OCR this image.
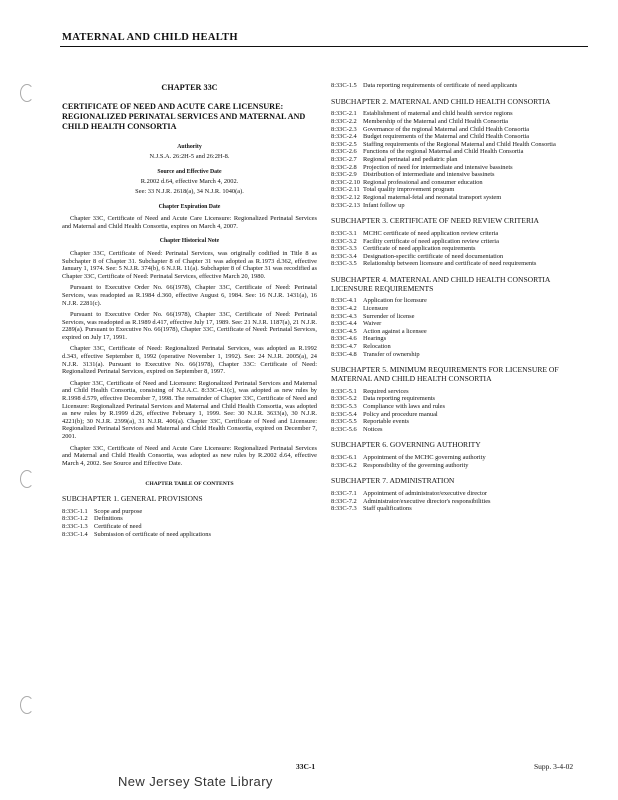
MATERNAL AND CHILD HEALTH
CHAPTER 33C
CERTIFICATE OF NEED AND ACUTE CARE LICENSURE: REGIONALIZED PERINATAL SERVICES AND MATERNAL AND CHILD HEALTH CONSORTIA
Authority
N.J.S.A. 26:2H-5 and 26:2H-8.
Source and Effective Date
R.2002 d.64, effective March 4, 2002.
See: 33 N.J.R. 2618(a), 34 N.J.R. 1040(a).
Chapter Expiration Date

Chapter 33C, Certificate of Need and Acute Care Licensure: Regionalized Perinatal Services and Maternal and Child Health Consortia, expires on March 4, 2007.

Chapter Historical Note

Chapter 33C, Certificate of Need: Perinatal Services, was originally codified in Title 8 as Subchapter 8 of Chapter 31. Subchapter 8 of Chapter 31 was adopted as R.1973 d.362, effective January 1, 1974. See: 5 N.J.R. 374(b), 6 N.J.R. 11(a). Subchapter 8 of Chapter 31 was recodified as Chapter 33C, Certificate of Need: Perinatal Services, effective March 20, 1980.

Pursuant to Executive Order No. 66(1978), Chapter 33C, Certificate of Need: Perinatal Services, was readopted as R.1984 d.360, effective August 6, 1984. See: 16 N.J.R. 1431(a), 16 N.J.R. 2281(c).

Pursuant to Executive Order No. 66(1978), Chapter 33C, Certificate of Need: Perinatal Services, was readopted as R.1989 d.417, effective July 17, 1989. See: 21 N.J.R. 1187(a), 21 N.J.R. 2289(a). Pursuant to Executive No. 66(1978), Chapter 33C, Certificate of Need: Perinatal Services, expired on July 17, 1991.

Chapter 33C, Certificate of Need: Regionalized Perinatal Services, was adopted as R.1992 d.343, effective September 8, 1992 (operative November 1, 1992). See: 24 N.J.R. 2005(a), 24 N.J.R. 3131(a). Pursuant to Executive No. 66(1978), Chapter 33C: Certificate of Need: Regionalized Perinatal Services, expired on September 8, 1997.

Chapter 33C, Certificate of Need and Licensure: Regionalized Perinatal Services and Maternal and Child Health Consortia, consisting of N.J.A.C. 8:33C-4.1(c), was adopted as new rules by R.1998 d.579, effective December 7, 1998. The remainder of Chapter 33C, Certificate of Need and Licensure: Regionalized Perinatal Services and Maternal and Child Health Consortia, was adopted as new rules by R.1999 d.26, effective February 1, 1999. See: 30 N.J.R. 3633(a), 30 N.J.R. 4221(b); 30 N.J.R. 2399(a), 31 N.J.R. 406(a). Chapter 33C, Certificate of Need and Licensure: Regionalized Perinatal Services and Maternal and Child Health Consortia, expired on December 7, 2001.

Chapter 33C, Certificate of Need and Acute Care Licensure: Regionalized Perinatal Services and Maternal and Child Health Consortia, was adopted as new rules by R.2002 d.64, effective March 4, 2002. See Source and Effective Date.

CHAPTER TABLE OF CONTENTS
SUBCHAPTER 1. GENERAL PROVISIONS
8:33C-1.1 Scope and purpose
8:33C-1.2 Definitions
8:33C-1.3 Certificate of need
8:33C-1.4 Submission of certificate of need applications
8:33C-1.5 Data reporting requirements of certificate of need applicants
SUBCHAPTER 2. MATERNAL AND CHILD HEALTH CONSORTIA
8:33C-2.1 Establishment of maternal and child health service regions
8:33C-2.2 Membership of the Maternal and Child Health Consortia
8:33C-2.3 Governance of the regional Maternal and Child Health Consortia
8:33C-2.4 Budget requirements of the Maternal and Child Health Consortia
8:33C-2.5 Staffing requirements of the Regional Maternal and Child Health Consortia
8:33C-2.6 Functions of the regional Maternal and Child Health Consortia
8:33C-2.7 Regional perinatal and pediatric plan
8:33C-2.8 Projection of need for intermediate and intensive bassinets
8:33C-2.9 Distribution of intermediate and intensive bassinets
8:33C-2.10 Regional professional and consumer education
8:33C-2.11 Total quality improvement program
8:33C-2.12 Regional maternal-fetal and neonatal transport system
8:33C-2.13 Infant follow up
SUBCHAPTER 3. CERTIFICATE OF NEED REVIEW CRITERIA
8:33C-3.1 MCHC certificate of need application review criteria
8:33C-3.2 Facility certificate of need application review criteria
8:33C-3.3 Certificate of need application requirements
8:33C-3.4 Designation-specific certificate of need documentation
8:33C-3.5 Relationship between licensure and certificate of need requirements
SUBCHAPTER 4. MATERNAL AND CHILD HEALTH CONSORTIA LICENSURE REQUIREMENTS
8:33C-4.1 Application for licensure
8:33C-4.2 Licensure
8:33C-4.3 Surrender of license
8:33C-4.4 Waiver
8:33C-4.5 Action against a licensee
8:33C-4.6 Hearings
8:33C-4.7 Relocation
8:33C-4.8 Transfer of ownership
SUBCHAPTER 5. MINIMUM REQUIREMENTS FOR LICENSURE OF MATERNAL AND CHILD HEALTH CONSORTIA
8:33C-5.1 Required services
8:33C-5.2 Data reporting requirements
8:33C-5.3 Compliance with laws and rules
8:33C-5.4 Policy and procedure manual
8:33C-5.5 Reportable events
8:33C-5.6 Notices
SUBCHAPTER 6. GOVERNING AUTHORITY
8:33C-6.1 Appointment of the MCHC governing authority
8:33C-6.2 Responsibility of the governing authority
SUBCHAPTER 7. ADMINISTRATION
8:33C-7.1 Appointment of administrator/executive director
8:33C-7.2 Administrator/executive director's responsibilities
8:33C-7.3 Staff qualifications
33C-1	Supp. 3-4-02
New Jersey State Library
